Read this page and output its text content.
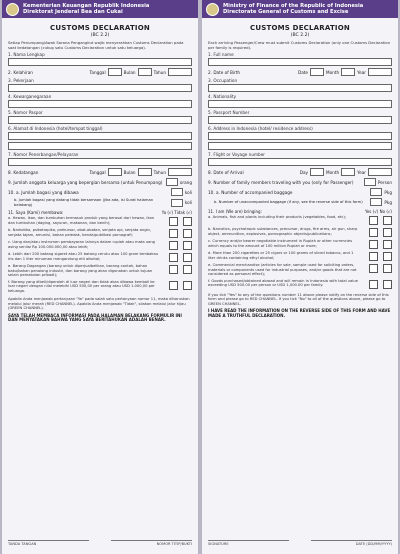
Kementerian Keuangan Republik Indonesia
Direktorat Jenderal Bea dan Cukai
CUSTOMS DECLARATION
(BC 2.2)
Setiap Penumpang/Awak Sarana Pengangkut wajib menyerahkan Customs Declaration pada saat kedatangan (cukup satu Customs Declaration untuk satu keluarga).
1. Nama Lengkap
2. Kelahiran	Tanggal	Bulan	Tahun
3. Pekerjaan
4. Kewarganegaraan
5. Nomor Paspor
6. Alamat di Indonesia (hotel/tempat tinggal)
7. Nomor Penerbangan/Pelayaran
8. Kedatangan	Tanggal	Bulan	Tahun
9. Jumlah anggota keluarga yang bepergian bersama (untuk Penumpang)	orang
10. a. Jumlah bagasi yang dibawa	koli
b. Jumlah bagasi yang datang tidak bersamaan (jika ada, isi Surat halaman belakang)	koli
11. Saya (Kami) membawa:	Ya (√) Tidak (√)
a. Hewan, ikan, dan tumbuhan termasuk produk yang berasal dari hewan, ikan dan tumbuhan (daging, sayuran, makanan, dan benih);
b. Narkotika, psikotropika, prekursor, obat-obatan, senjata api, senjata angin, senjata tajam, amunisi, bahan peledak, benda/publikasi pornografi;
c. Uang dan/atau instrumen pembayaran lainnya dalam rupiah atau mata uang asing senilai Rp 100.000.000,00 atau lebih;
d. Lebih dari 200 batang sigaret atau 25 batang cerutu atau 100 gram tembakau iris dan 1 liter minuman mengandung etil alkohol;
e. Barang Dagangan (barang untuk diperjualbelikan, barang contoh, bahan baku/bahan penolong industri, dan barang yang akan digunakan untuk tujuan selain pemakaian pribadi);
f. Barang yang dibeli/diperoleh di luar negeri dan tidak akan dibawa kembali ke luar negeri dengan nilai melebihi USD 500,00 per orang atau USD 1.000,00 per keluarga.
Apabila Anda menjawab pertanyaan "Ya" pada salah satu pertanyaan nomor 11, maka diharuskan melalui jalur merah (RED CHANNEL). Apabila Anda menjawab "Tidak", silakan melalui jalur hijau (GREEN CHANNEL).
SAYA TELAH MEMBACA INFORMASI PADA HALAMAN BELAKANG FORMULIR INI DAN MENYATAKAN BAHWA YANG SAYA BERITAHUKAN ADALAH BENAR.
TANDA TANGAN	NOMOR TITIP/BUKTI
Ministry of Finance of the Republic of Indonesia
Directorate General of Customs and Excise
CUSTOMS DECLARATION
(BC 2.2)
Each arriving Passenger/Crew must submit Customs Declaration (only one Customs Declaration per family is required).
1. Full name
2. Date of Birth	Date	Month	Year
3. Occupation
4. Nationality
5. Passport Number
6. Address in Indonesia (hotel/ residence address)
7. Flight or Voyage number
8. Date of Arrival	Day	Month	Year
9. Number of family members traveling with you (only for Passenger)	Person
10. a. Number of accompanied baggage	Pkg
b. Number of unaccompanied baggage (if any, see the reverse side of this form)	Pkg
11. I am (We are) bringing:	Yes (√) No (√)
a. Animals, fish and plants including their products (vegetables, food, etc);
b. Narcotics, psychotropic substances, precursor, drugs, fire arms, air gun, sharp object, ammunition, explosives, pornographic objects/publications;
c. Currency and/or bearer negotiable instrument in Rupiah or other currencies which equals to the amount of 100 million Rupiah or more;
d. More than 200 cigarettes or 25 cigars or 100 grams of sliced tobacco, and 1 liter drinks containing ethyl alcohol;
e. Commercial merchandise (articles for sale, sample used for soliciting orders, materials or components used for industrial purposes, and/or goods that are not considered as personal effect);
f. Goods purchased/obtained abroad and will remain in Indonesia with total value exceeding USD 500.00 per person or USD 1,000.00 per family.
If you tick "Yes" to any of the questions number 11 above please notify on the reverse side of this form and please go to RED CHANNEL. If you tick "No" to all of the questions above, please go to GREEN CHANNEL.
I HAVE READ THE INFORMATION ON THE REVERSE SIDE OF THIS FORM AND HAVE MADE A TRUTHFUL DECLARATION.
SIGNATURE	DATE (DD/MM/YYYY)
